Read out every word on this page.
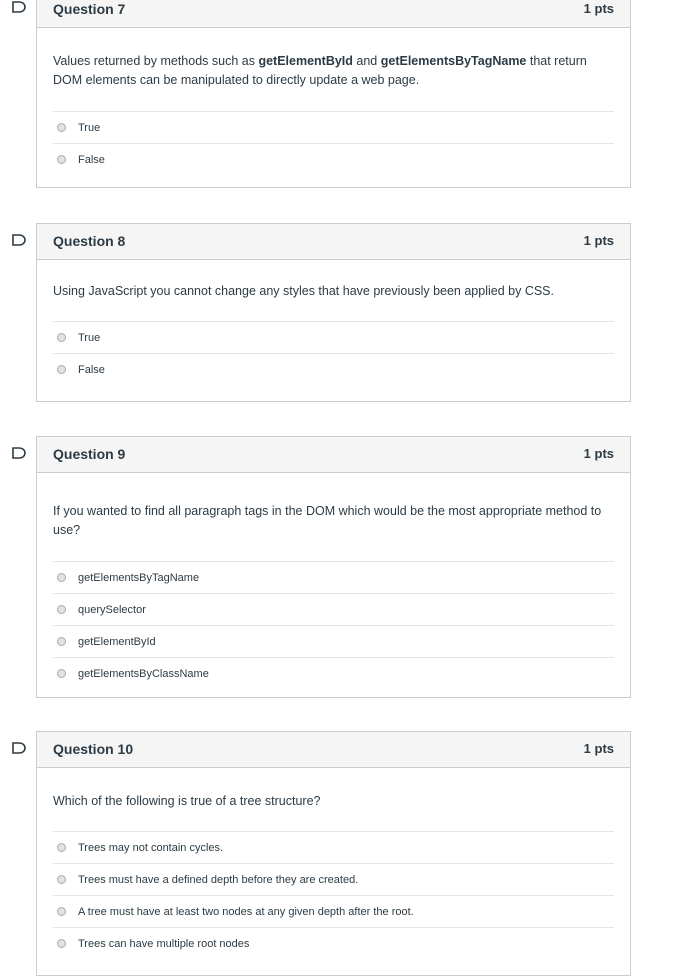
Question 7	1 pts
Values returned by methods such as getElementById and getElementsByTagName that return DOM elements can be manipulated to directly update a web page.
True
False
Question 8	1 pts
Using JavaScript you cannot change any styles that have previously been applied by CSS.
True
False
Question 9	1 pts
If you wanted to find all paragraph tags in the DOM which would be the most appropriate method to use?
getElementsByTagName
querySelector
getElementById
getElementsByClassName
Question 10	1 pts
Which of the following is true of a tree structure?
Trees may not contain cycles.
Trees must have a defined depth before they are created.
A tree must have at least two nodes at any given depth after the root.
Trees can have multiple root nodes
